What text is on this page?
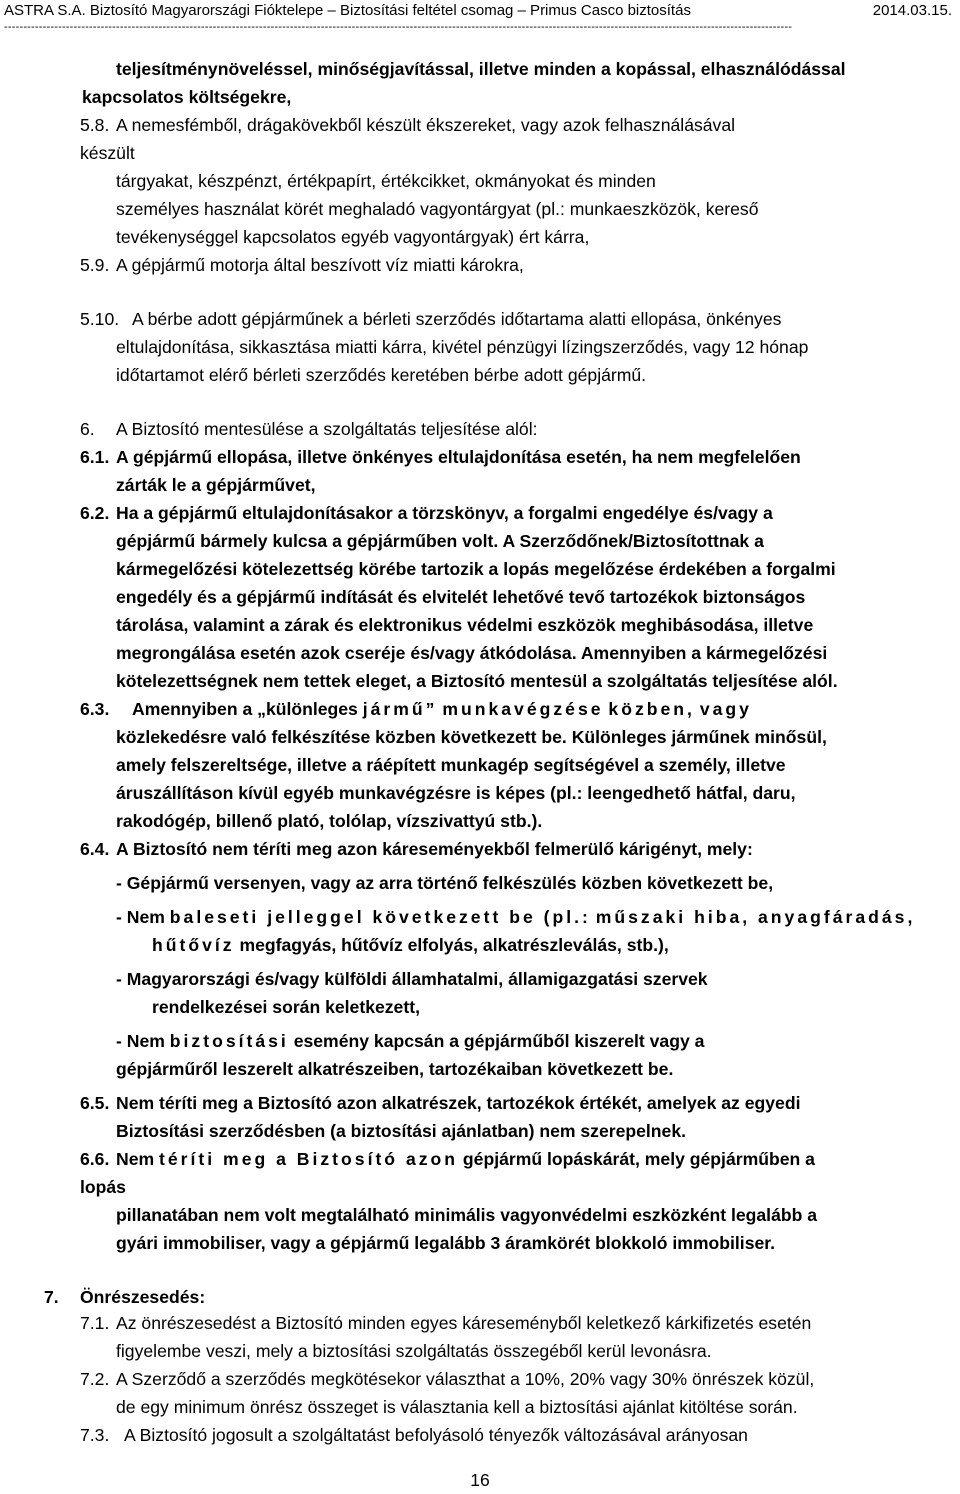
ASTRA S.A. Biztosító Magyarországi Fióktelepe – Biztosítási feltétel csomag – Primus Casco biztosítás	2014.03.15.
------------------------------------------------------------------------------------------------------------------------------------------------------------------------------------------------------------
teljesítménynöveléssel, minőségjavítással, illetve minden a kopással, elhasználódással
kapcsolatos költségekre,
5.8. A nemesfémből, drágakövekből készült ékszereket, vagy azok felhasználásával
készült
tárgyakat, készpénzt, értékpapírt, értékcikket, okmányokat és minden
személyes használat körét meghaladó vagyontárgyat (pl.: munkaeszközök, kereső
tevékenységgel kapcsolatos egyéb vagyontárgyak) ért kárra,
5.9. A gépjármű motorja által beszívott víz miatti károkra,
5.10. A bérbe adott gépjárműnek a bérleti szerződés időtartama alatti ellopása, önkényes
eltulajdonítása, sikkasztása miatti kárra, kivétel pénzügyi lízingszerződés, vagy 12 hónap
időtartamot elérő bérleti szerződés keretében bérbe adott gépjármű.
6. A Biztosító mentesülése a szolgáltatás teljesítése alól:
6.1. A gépjármű ellopása, illetve önkényes eltulajdonítása esetén, ha nem megfelelően
zárták le a gépjárművet,
6.2. Ha a gépjármű eltulajdonításakor a törzskönyv, a forgalmi engedélye és/vagy a
gépjármű bármely kulcsa a gépjárműben volt. A Szerződőnek/Biztosítottnak a
kármegelőzési kötelezettség körébe tartozik a lopás megelőzése érdekében a forgalmi
engedély és a gépjármű indítását és elvitelét lehetővé tevő tartozékok biztonságos
tárolása, valamint a zárak és elektronikus védelmi eszközök meghibásodása, illetve
megrongálása esetén azok cseréje és/vagy átkódolása. Amennyiben a kármegelőzési
kötelezettségnek nem tettek eleget, a Biztosító mentesül a szolgáltatás teljesítése alól.
6.3. Amennyiben a „különleges jármű” munkavégzése közben, vagy
közlekedésre való felkészítése közben következett be. Különleges járműnek minősül,
amely felszereltsége, illetve a ráépített munkagép segítségével a személy, illetve
áruszállításon kívül egyéb munkavégzésre is képes (pl.: leengedhető hátfal, daru,
rakodógép, billenő plató, tolólap, vízszivattyú stb.).
6.4. A Biztosító nem téríti meg azon káreseményekből felmerülő kárigényt, mely:
- Gépjármű versenyen, vagy az arra történő felkészülés közben következett be,
- Nem baleseti jelleggel következett be (pl.: műszaki hiba, anyagfáradás,
hűtővíz megfagyás, hűtővíz elfolyás, alkatrészleválás, stb.),
- Magyarországi és/vagy külföldi államhatalmi, államigazgatási szervek
rendelkezései során keletkezett,
- Nem biztosítási esemény kapcsán a gépjárműből kiszerelt vagy a
gépjárműről leszerelt alkatrészeiben, tartozékaiban következett be.
6.5. Nem téríti meg a Biztosító azon alkatrészek, tartozékok értékét, amelyek az egyedi
Biztosítási szerződésben (a biztosítási ajánlatban) nem szerepelnek.
6.6. Nem téríti meg a Biztosító azon gépjármű lopáskárát, mely gépjárműben a
lopás
pillanatában nem volt megtalálható minimális vagyonvédelmi eszközként legalább a
gyári immobiliser, vagy a gépjármű legalább 3 áramkörét blokkoló immobiliser.
7. Önrészesedés:
7.1. Az önrészesedést a Biztosító minden egyes káreseményből keletkező kárkifizetés esetén
figyelembe veszi, mely a biztosítási szolgáltatás összegéből kerül levonásra.
7.2. A Szerződő a szerződés megkötésekor választhat a 10%, 20% vagy 30% önrészek közül,
de egy minimum önrész összeget is választania kell a biztosítási ajánlat kitöltése során.
7.3. A Biztosító jogosult a szolgáltatást befolyásoló tényezők változásával arányosan
16
